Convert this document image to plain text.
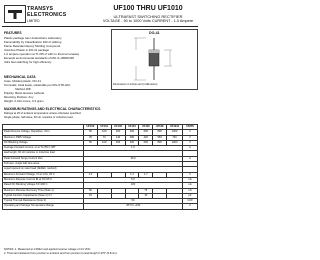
TRANSYS
ELECTRONICS
LIMITED
UF100 THRU UF1010
ULTRAFAST SWITCHING RECTIFIER
VOLTAGE - 50 to 1000 Volts CURRENT - 1.0 Ampere
FEATURES
Plastic package has Underwriters Laboratory
Flammability by Classification 94V-O utilizing
Flame Retardant Epoxy Molding Compound
Void-free Plastic in DO-41 package
1.0 ampere operation at TL=55 of with no thermal runaway
Exceeds environmental standards of MIL-S-19500/228
Ultra fast switching for high efficiency
DO-41
Dimensions in inches and (millimeters)
MECHANICAL DATA
Case: Molded plastic, DO-41
Terminals: Axial leads, solderable per MIL-STD-202,
Method 208
Polarity: Band denotes cathode
Mounting Position: Any
Weight: 0.012 ounce, 0.3 gram
MAXIMUM RATINGS AND ELECTRICAL CHARACTERISTICS
Ratings at 25 of ambient temperature unless otherwise specified.
Single phase, half wave, 60 Hz, resistive or inductive load.
	UF100	UF101	UF102	UF104	UF106	UF108	UF1010	UNITS
Peak Reverse Voltage, Repetitive, Vrrm	50	100	200	400	600	800	1000	V
Maximum RMS Voltage	35	70	140	280	420	560	700	V
DC Blocking Voltage	50	100	200	400	600	800	1000	V
Average Forward Current, Io at TL=55 C 3/8"	1.0							A
lead length, 60 Hz resistive or inductive load								
Peak Forward Surge Current Ifsm	30.0							A
8.3msec. single half sine-wave								
superimposed on rated load (JEDEC method)								
Maximum Forward Voltage, Vf at 1.0A, 25 C	1.0			1.3	1.7			V
Maximum Reverse Current IR at TA=25 C	5.0							uA
Rated DC Blocking Voltage TA=100 C	100							uA
Maximum Reverse Recovery Time (Note 1)	50				75			nS
Typical Junction Capacitance (Note 2) CJ	15				10			pF
Typical Thermal Resistance (Note 3)	50							C/W
Operating and Storage Temperature Range	-55 TO +150							C
NOTES: 1. Measured at 1.0MHz and applied reverse voltage of 4.0 VDC.
2. Thermal resistance from junction to ambient and from junction to lead length 0.375" (9.5mm).
